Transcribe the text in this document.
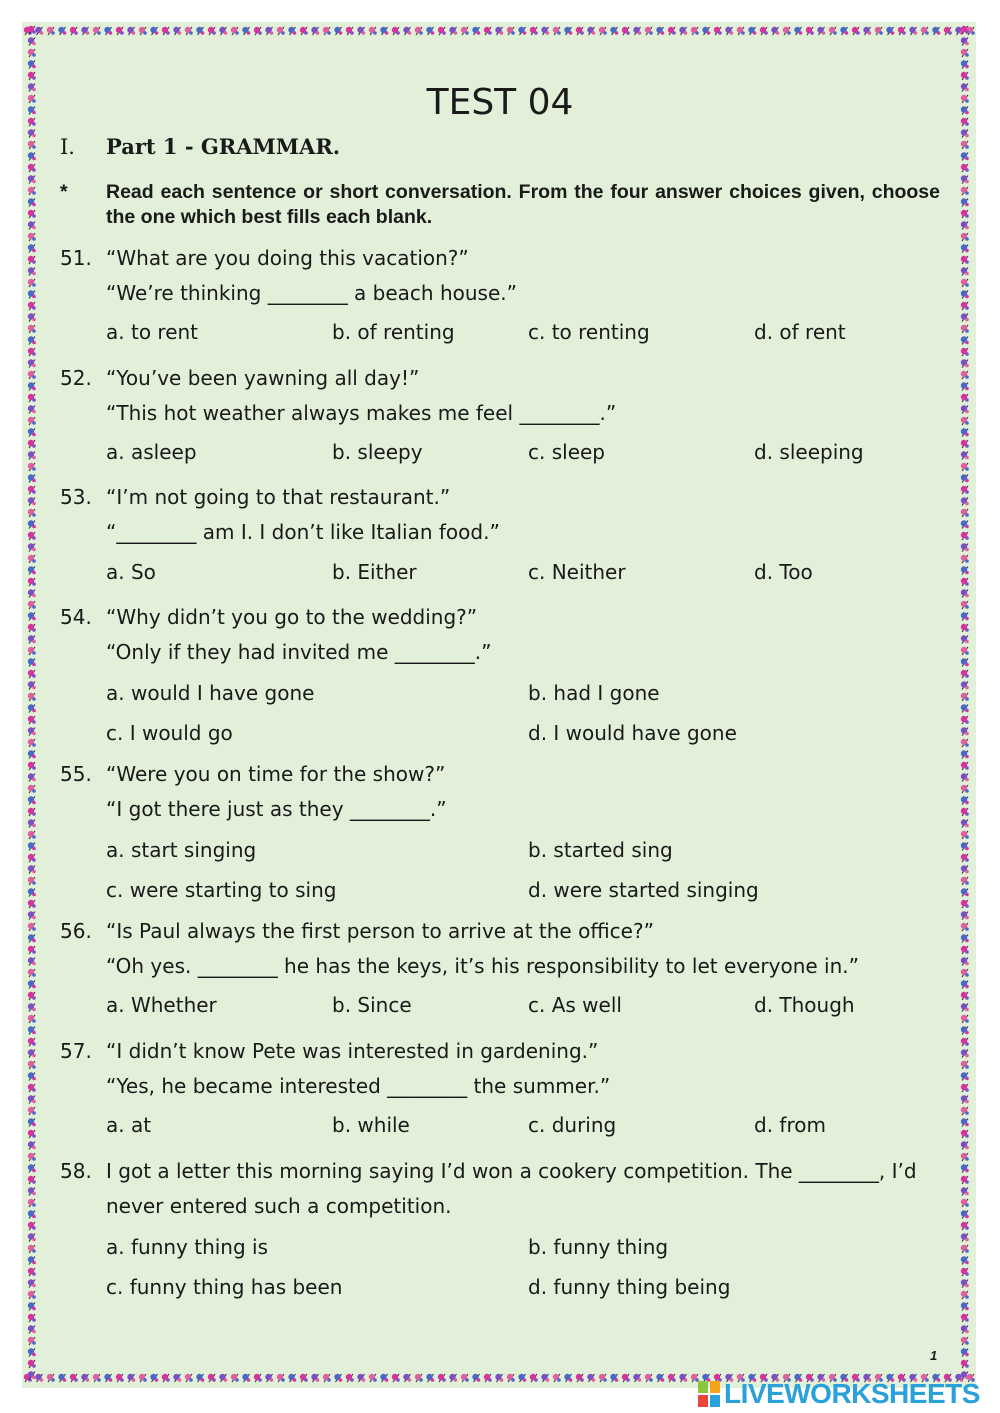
TEST 04
I. Part 1 - GRAMMAR.
* Read each sentence or short conversation. From the four answer choices given, choose the one which best fills each blank.
51. “What are you doing this vacation?”
“We’re thinking ________ a beach house.”
a. to rent	b. of renting	c. to renting	d. of rent
52. “You’ve been yawning all day!”
“This hot weather always makes me feel ________.”
a. asleep	b. sleepy	c. sleep	d. sleeping
53. “I’m not going to that restaurant.”
“________ am I. I don’t like Italian food.”
a. So	b. Either	c. Neither	d. Too
54. “Why didn’t you go to the wedding?”
“Only if they had invited me ________.”
a. would I have gone	b. had I gone
c. I would go	d. I would have gone
55. “Were you on time for the show?”
“I got there just as they ________.”
a. start singing	b. started sing
c. were starting to sing	d. were started singing
56. “Is Paul always the first person to arrive at the office?”
“Oh yes. ________ he has the keys, it’s his responsibility to let everyone in.”
a. Whether	b. Since	c. As well	d. Though
57. “I didn’t know Pete was interested in gardening.”
“Yes, he became interested ________ the summer.”
a. at	b. while	c. during	d. from
58. I got a letter this morning saying I’d won a cookery competition. The ________, I’d
never entered such a competition.
a. funny thing is	b. funny thing
c. funny thing has been	d. funny thing being
1
LIVEWORKSHEETS
